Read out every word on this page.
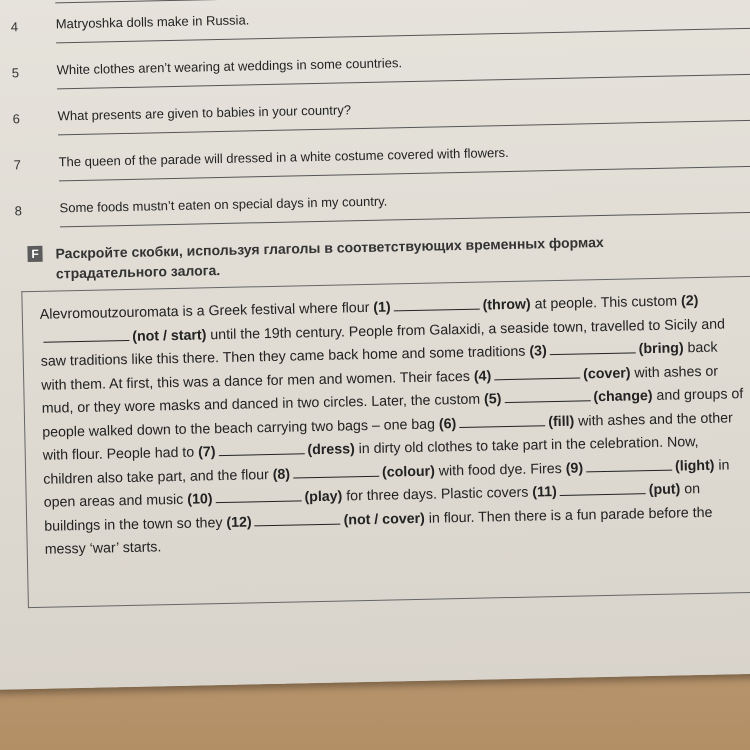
4	Matryoshka dolls make in Russia.
5	White clothes aren’t wearing at weddings in some countries.
6	What presents are given to babies in your country?
7	The queen of the parade will dressed in a white costume covered with flowers.
8	Some foods mustn’t eaten on special days in my country.
F Раскройте скобки, используя глаголы в соответствующих временных формах страдательного залога.
Alevromoutzouromata is a Greek festival where flour (1)	(throw) at people. This custom (2)(not / start) until the 19th century. People from Galaxidi, a seaside town, travelled to Sicily and saw traditions like this there. Then they came back home and some traditions (3)	(bring) back with them. At first, this was a dance for men and women. Their faces (4)	(cover) with ashes or mud, or they wore masks and danced in two circles. Later, the custom (5)	(change) and groups of people walked down to the beach carrying two bags – one bag (6)	(fill) with ashes and the other with flour. People had to (7)	(dress) in dirty old clothes to take part in the celebration. Now, children also take part, and the flour (8)	(colour) with food dye. Fires (9)	(light) in open areas and music (10)	(play) for three days. Plastic covers (11)	(put) on buildings in the town so they (12)	(not / cover) in flour. Then there is a fun parade before the messy ‘war’ starts.
